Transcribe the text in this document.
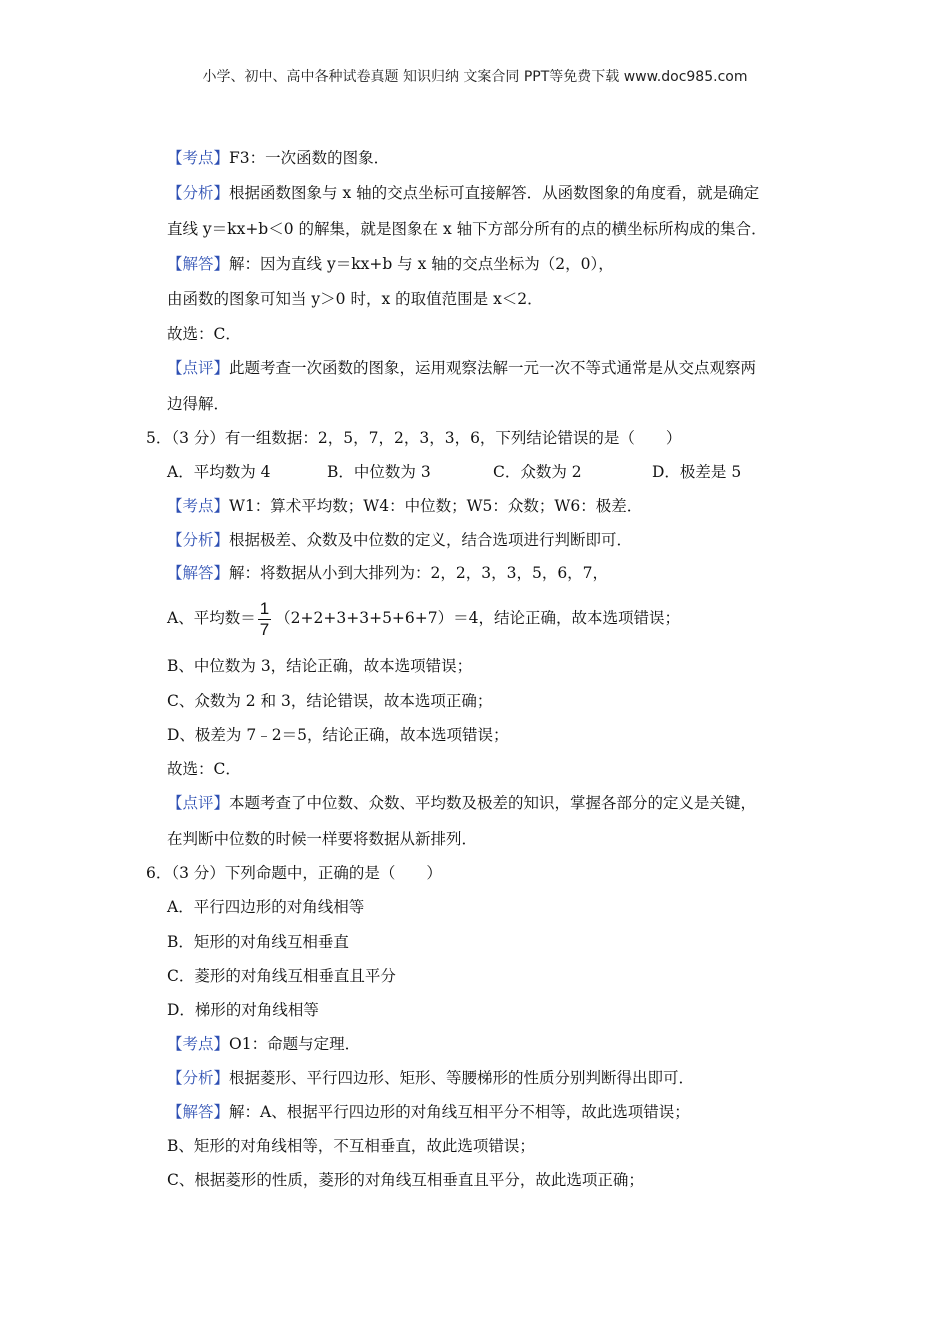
小学、初中、高中各种试卷真题 知识归纳 文案合同 PPT等免费下载 www.doc985.com
【考点】F3：一次函数的图象．
【分析】根据函数图象与 x 轴的交点坐标可直接解答．从函数图象的角度看，就是确定
直线 y＝kx+b＜0 的解集，就是图象在 x 轴下方部分所有的点的横坐标所构成的集合．
【解答】解：因为直线 y＝kx+b 与 x 轴的交点坐标为（2，0），
由函数的图象可知当 y＞0 时，x 的取值范围是 x＜2．
故选：C．
【点评】此题考查一次函数的图象，运用观察法解一元一次不等式通常是从交点观察两
边得解．
5．（3 分）有一组数据：2，5，7，2，3，3，6，下列结论错误的是（　　）
A．平均数为 4	B．中位数为 3	C．众数为 2	D．极差是 5
【考点】W1：算术平均数；W4：中位数；W5：众数；W6：极差．
【分析】根据极差、众数及中位数的定义，结合选项进行判断即可．
【解答】解：将数据从小到大排列为：2，2，3，3，5，6，7，
A、平均数＝ $\frac{1}{7} (2+2+3+3+5+6+7)=4$，结论正确，故本选项错误；
B、中位数为 3，结论正确，故本选项错误；
C、众数为 2 和 3，结论错误，故本选项正确；
D、极差为 7﹣2＝5，结论正确，故本选项错误；
故选：C．
【点评】本题考查了中位数、众数、平均数及极差的知识，掌握各部分的定义是关键，
在判断中位数的时候一样要将数据从新排列．
6．（3 分）下列命题中，正确的是（　　）
A．平行四边形的对角线相等
B．矩形的对角线互相垂直
C．菱形的对角线互相垂直且平分
D．梯形的对角线相等
【考点】O1：命题与定理．
【分析】根据菱形、平行四边形、矩形、等腰梯形的性质分别判断得出即可．
【解答】解：A、根据平行四边形的对角线互相平分不相等，故此选项错误；
B、矩形的对角线相等，不互相垂直，故此选项错误；
C、根据菱形的性质，菱形的对角线互相垂直且平分，故此选项正确；
